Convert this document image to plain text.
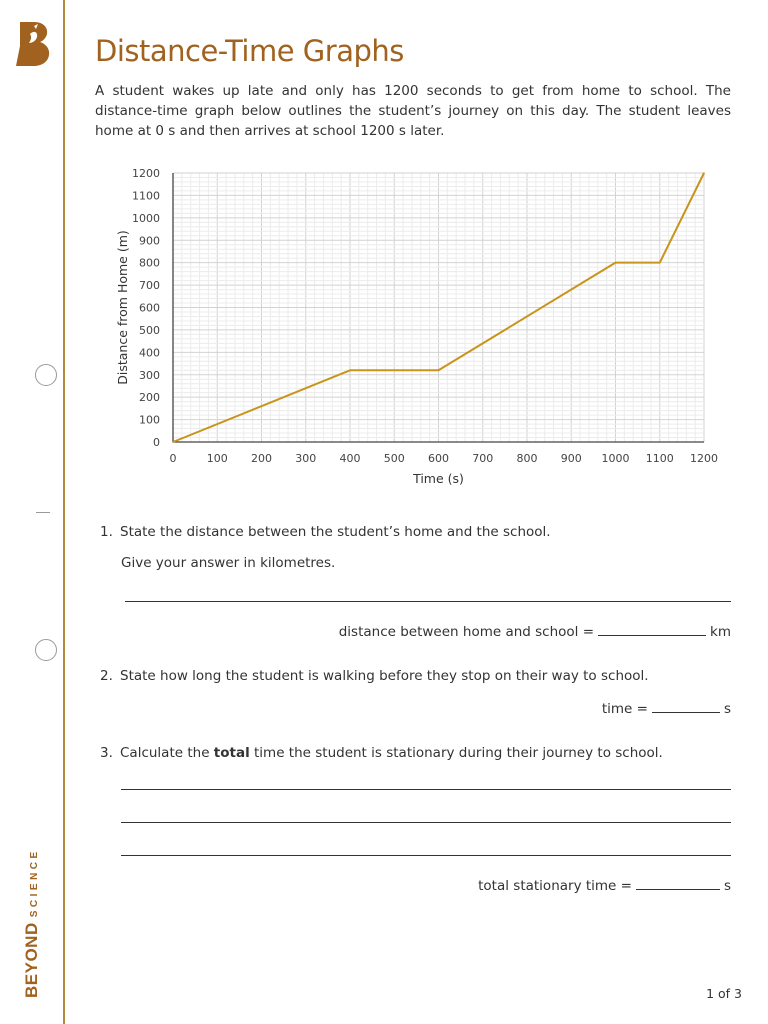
BEYONDSCIENCE
Distance-Time Graphs

A student wakes up late and only has 1200 seconds to get from home to school. The distance-time graph below outlines the student’s journey on this day. The student leaves home at 0 s and then arrives at school 1200 s later.

0	100 200 300 400 500 600 700 800 900 1000 1100 1200
0
100
200
300
400
500
600
700
800
900
1000
1100
1200
Time (s)
Distance from Home (m)
1. State the distance between the student’s home and the school.
Give your answer in kilometres.
distance between home and school =	km
2. State how long the student is walking before they stop on their way to school.
time =	s
3. Calculate the total time the student is stationary during their journey to school.
total stationary time =	s
1 of 3
